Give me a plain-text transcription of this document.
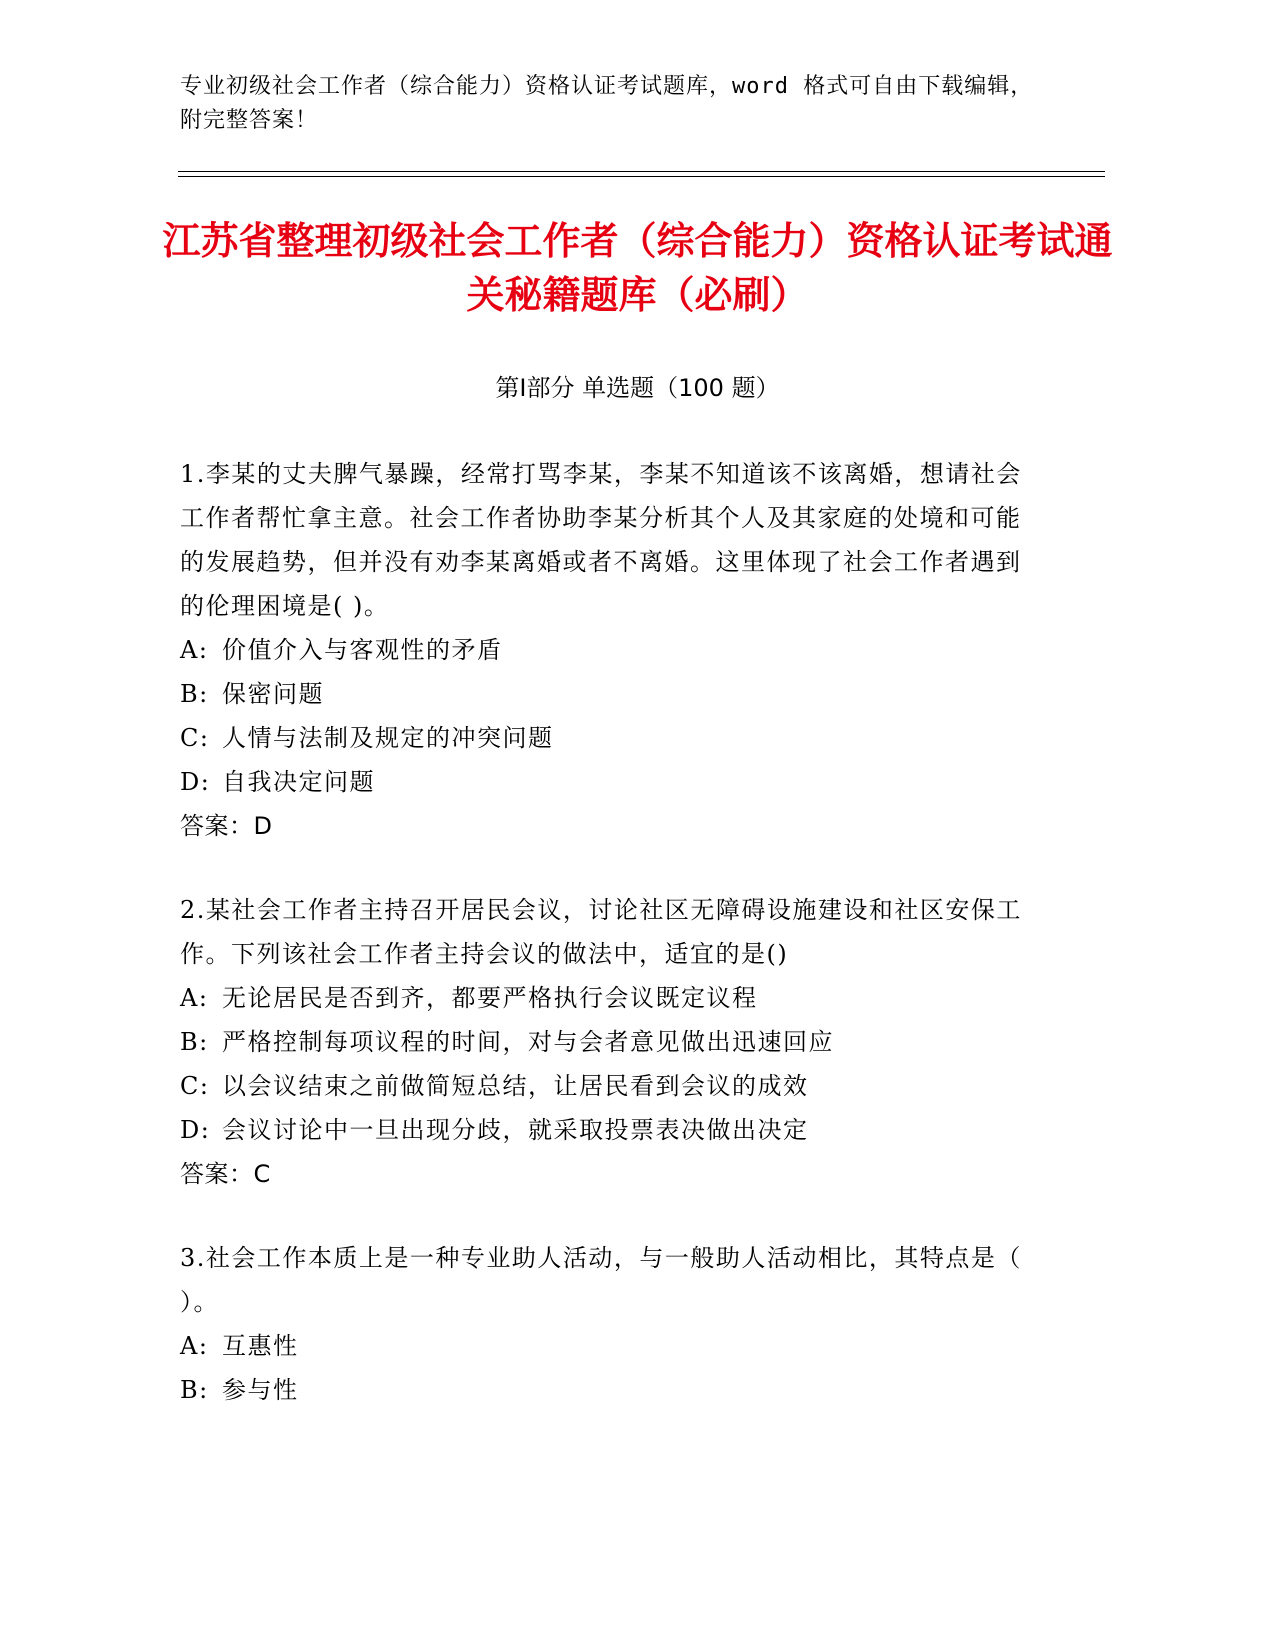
专业初级社会工作者（综合能力）资格认证考试题库，word 格式可自由下载编辑，附完整答案！
江苏省整理初级社会工作者（综合能力）资格认证考试通关秘籍题库（必刷）
第Ⅰ部分 单选题（100 题）

1.李某的丈夫脾气暴躁，经常打骂李某，李某不知道该不该离婚，想请社会工作者帮忙拿主意。社会工作者协助李某分析其个人及其家庭的处境和可能的发展趋势，但并没有劝李某离婚或者不离婚。这里体现了社会工作者遇到的伦理困境是( )。

A: 价值介入与客观性的矛盾

B: 保密问题

C: 人情与法制及规定的冲突问题

D: 自我决定问题

答案：D

2.某社会工作者主持召开居民会议，讨论社区无障碍设施建设和社区安保工作。下列该社会工作者主持会议的做法中，适宜的是()

A: 无论居民是否到齐，都要严格执行会议既定议程

B: 严格控制每项议程的时间，对与会者意见做出迅速回应

C: 以会议结束之前做简短总结，让居民看到会议的成效

D: 会议讨论中一旦出现分歧，就采取投票表决做出决定

答案：C

3.社会工作本质上是一种专业助人活动，与一般助人活动相比，其特点是（ ）。

A: 互惠性

B: 参与性
